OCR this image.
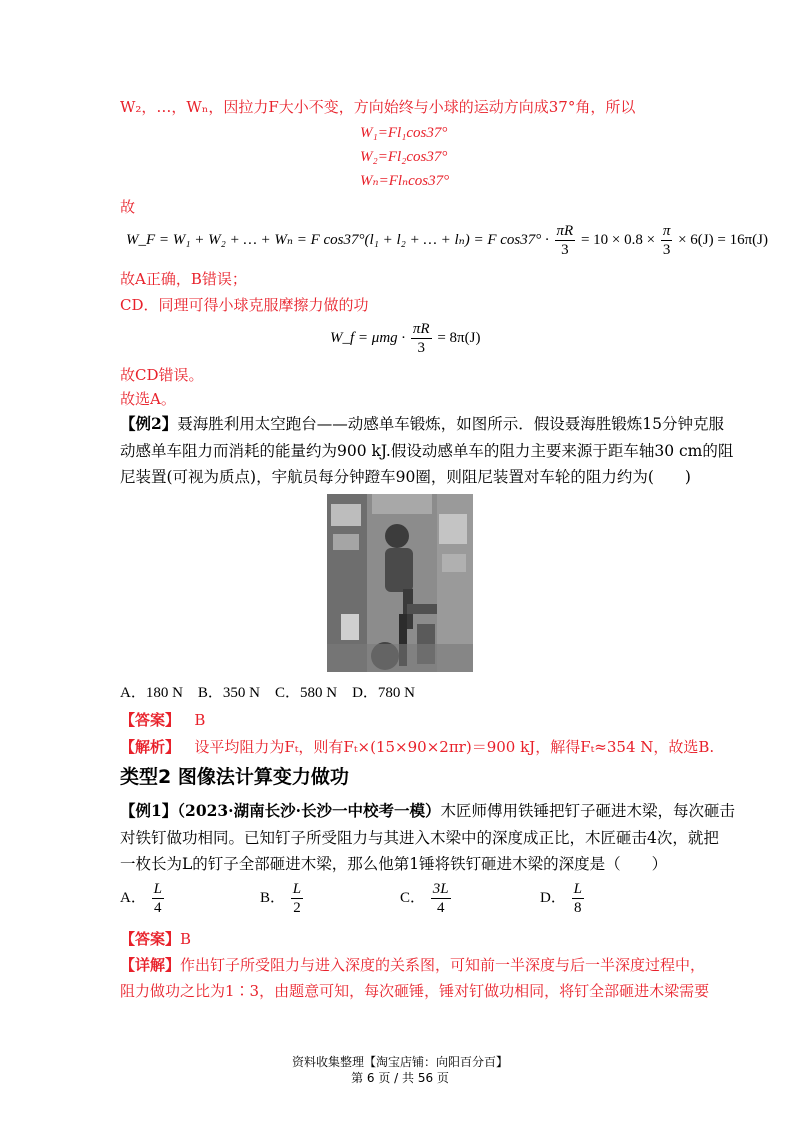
W₂，…，Wₙ，因拉力F大小不变，方向始终与小球的运动方向成37°角，所以
W₁=Fl₁cos37°
W₂=Fl₂cos37°
Wₙ=Flₙcos37°
故
W_F = W₁ + W₂ + … + Wₙ = F cos37°(l₁ + l₂ + … + lₙ) = F $\cos 37^\circ \cdot \frac{\pi R}{3} = 10 \times 0.8 \times \frac{\pi}{3} \times 6(J) = 16\pi(J)$
故A正确，B错误；
CD．同理可得小球克服摩擦力做的功
W_f = $\mu mg \cdot \frac{\pi R}{3} = 8\pi(J)$
故CD错误。
故选A。
【例2】聂海胜利用太空跑台——动感单车锻炼，如图所示．假设聂海胜锻炼15分钟克服
动感单车阻力而消耗的能量约为900 kJ.假设动感单车的阻力主要来源于距车轴30 cm的阻
尼装置(可视为质点)，宇航员每分钟蹬车90圈，则阻尼装置对车轮的阻力约为(　　)
A．180 N　B．350 N　C．580 N　D．780 N
【答案】 B
【解析】 设平均阻力为Fₜ，则有Fₜ×(15×90×2πr)＝900 kJ，解得Fₜ≈354 N，故选B.
类型2 图像法计算变力做功
【例1】（2023·湖南长沙·长沙一中校考一模）木匠师傅用铁锤把钉子砸进木梁，每次砸击
对铁钉做功相同。已知钉子所受阻力与其进入木梁中的深度成正比，木匠砸击4次，就把
一枚长为L的钉子全部砸进木梁，那么他第1锤将铁钉砸进木梁的深度是（　　）
A． $\frac{L}{4}$	B． $\frac{L}{2}$	C． $\frac{3L}{4}$	D． $\frac{L}{8}$
【答案】B
【详解】作出钉子所受阻力与进入深度的关系图，可知前一半深度与后一半深度过程中，
阻力做功之比为1∶3，由题意可知，每次砸锤，锤对钉做功相同，将钉全部砸进木梁需要
资料收集整理【淘宝店铺：向阳百分百】
第 6 页 / 共 56 页
